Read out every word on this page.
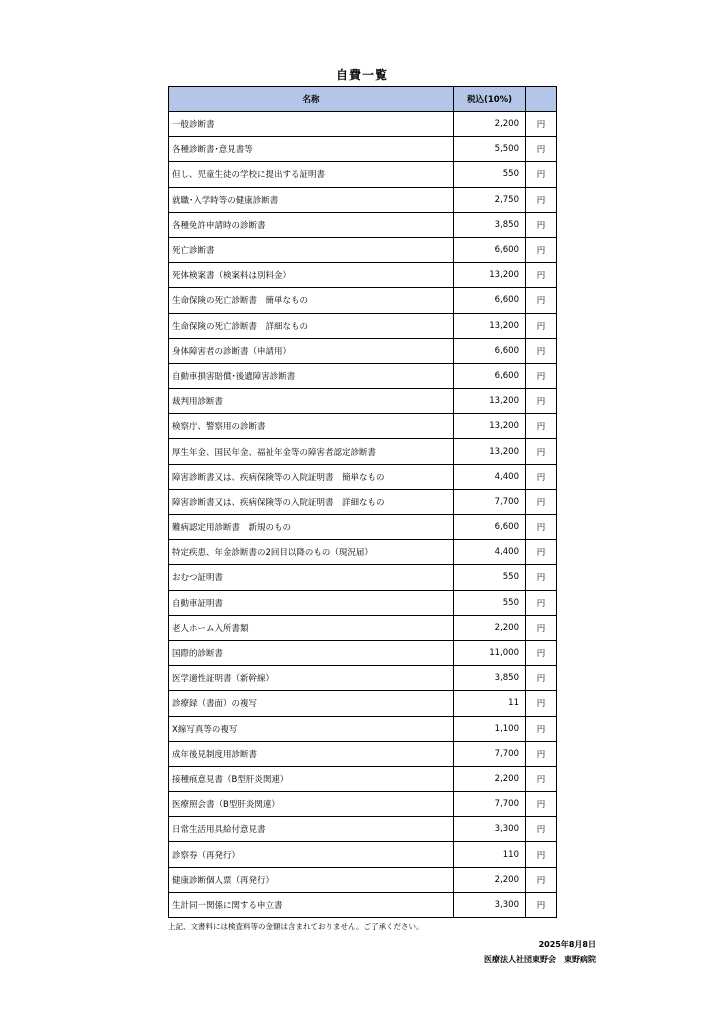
自費一覧
名称	税込(10%)	
一般診断書	2,200	円
各種診断書･意見書等	5,500	円
但し、児童生徒の学校に提出する証明書	550	円
就職･入学時等の健康診断書	2,750	円
各種免許申請時の診断書	3,850	円
死亡診断書	6,600	円
死体検案書（検案料は別料金）	13,200	円
生命保険の死亡診断書　簡単なもの	6,600	円
生命保険の死亡診断書　詳細なもの	13,200	円
身体障害者の診断書（申請用）	6,600	円
自動車損害賠償･後遺障害診断書	6,600	円
裁判用診断書	13,200	円
検察庁、警察用の診断書	13,200	円
厚生年金、国民年金、福祉年金等の障害者認定診断書	13,200	円
障害診断書又は、疾病保険等の入院証明書　簡単なもの	4,400	円
障害診断書又は、疾病保険等の入院証明書　詳細なもの	7,700	円
難病認定用診断書　新規のもの	6,600	円
特定疾患、年金診断書の2回目以降のもの（現況届）	4,400	円
おむつ証明書	550	円
自動車証明書	550	円
老人ホーム入所書類	2,200	円
国際的診断書	11,000	円
医学適性証明書（新幹線）	3,850	円
診療録（書面）の複写	11	円
X線写真等の複写	1,100	円
成年後見制度用診断書	7,700	円
接種痕意見書（B型肝炎関連）	2,200	円
医療照会書（B型肝炎関連）	7,700	円
日常生活用具給付意見書	3,300	円
診察券（再発行）	110	円
健康診断個人票（再発行）	2,200	円
生計同一関係に関する申立書	3,300	円
上記、文書料には検査料等の金額は含まれておりません。ご了承ください。
2025年8月8日
医療法人社団東野会　東野病院
